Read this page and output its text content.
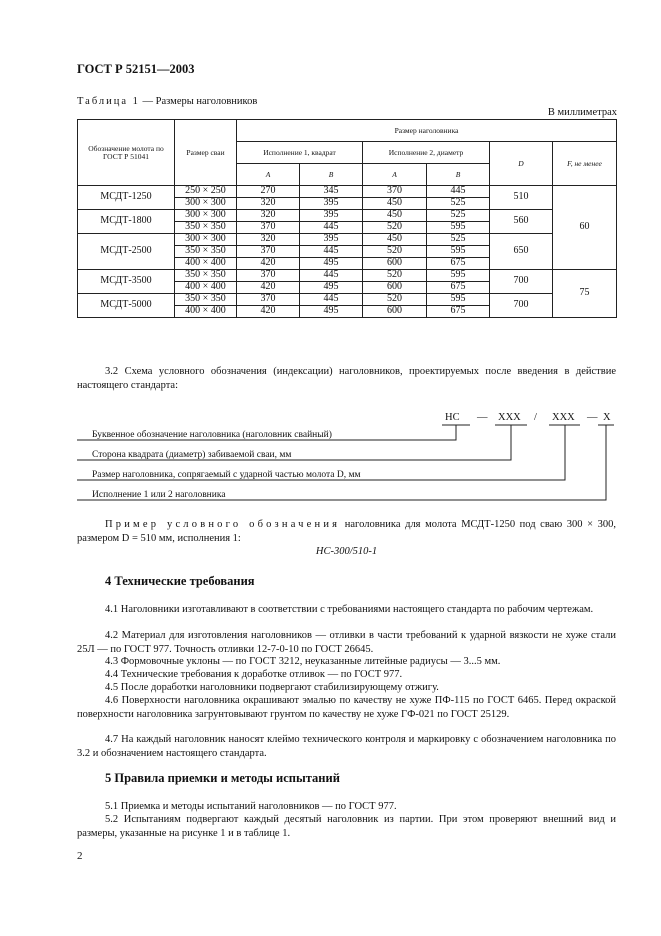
ГОСТ Р 52151—2003
Таблица 1 — Размеры наголовников
В миллиметрах
Обозначение молота по ГОСТ Р 51041	Размер сваи	Размер наголовника					
		Исполнение 1, квадрат		Исполнение 2, диаметр		D	F, не менее
		A	B	A	B		
МСДТ-1250	250 × 250	270	345	370	445	510	60
	300 × 300	320	395	450	525		
МСДТ-1800	300 × 300	320	395	450	525	560	
	350 × 350	370	445	520	595		
МСДТ-2500	300 × 300	320	395	450	525	650	
	350 × 350	370	445	520	595		
	400 × 400	420	495	600	675		
МСДТ-3500	350 × 350	370	445	520	595	700	75
	400 × 400	420	495	600	675		
МСДТ-5000	350 × 350	370	445	520	595	700	
	400 × 400	420	495	600	675		
3.2 Схема условного обозначения (индексации) наголовников, проектируемых после введения в действие настоящего стандарта:
НС — XXX / XXX — X
Буквенное обозначение наголовника (наголовник свайный)
Сторона квадрата (диаметр) забиваемой сваи, мм
Размер наголовника, сопрягаемый с ударной частью молота D, мм
Исполнение 1 или 2 наголовника
Пример условного обозначения наголовника для молота МСДТ-1250 под сваю 300 × 300, размером D = 510 мм, исполнения 1:
НС-300/510-1
4 Технические требования
4.1 Наголовники изготавливают в соответствии с требованиями настоящего стандарта по рабочим чертежам.
4.2 Материал для изготовления наголовников — отливки в части требований к ударной вязкости не хуже стали 25Л — по ГОСТ 977. Точность отливки 12-7-0-10 по ГОСТ 26645.
4.3 Формовочные уклоны — по ГОСТ 3212, неуказанные литейные радиусы — 3...5 мм.
4.4 Технические требования к доработке отливок — по ГОСТ 977.
4.5 После доработки наголовники подвергают стабилизирующему отжигу.
4.6 Поверхности наголовника окрашивают эмалью по качеству не хуже ПФ-115 по ГОСТ 6465. Перед окраской поверхности наголовника загрунтовывают грунтом по качеству не хуже ГФ-021 по ГОСТ 25129.
4.7 На каждый наголовник наносят клеймо технического контроля и маркировку с обозначением наголовника по 3.2 и обозначением настоящего стандарта.
5 Правила приемки и методы испытаний
5.1 Приемка и методы испытаний наголовников — по ГОСТ 977.
5.2 Испытаниям подвергают каждый десятый наголовник из партии. При этом проверяют внешний вид и размеры, указанные на рисунке 1 и в таблице 1.
2
